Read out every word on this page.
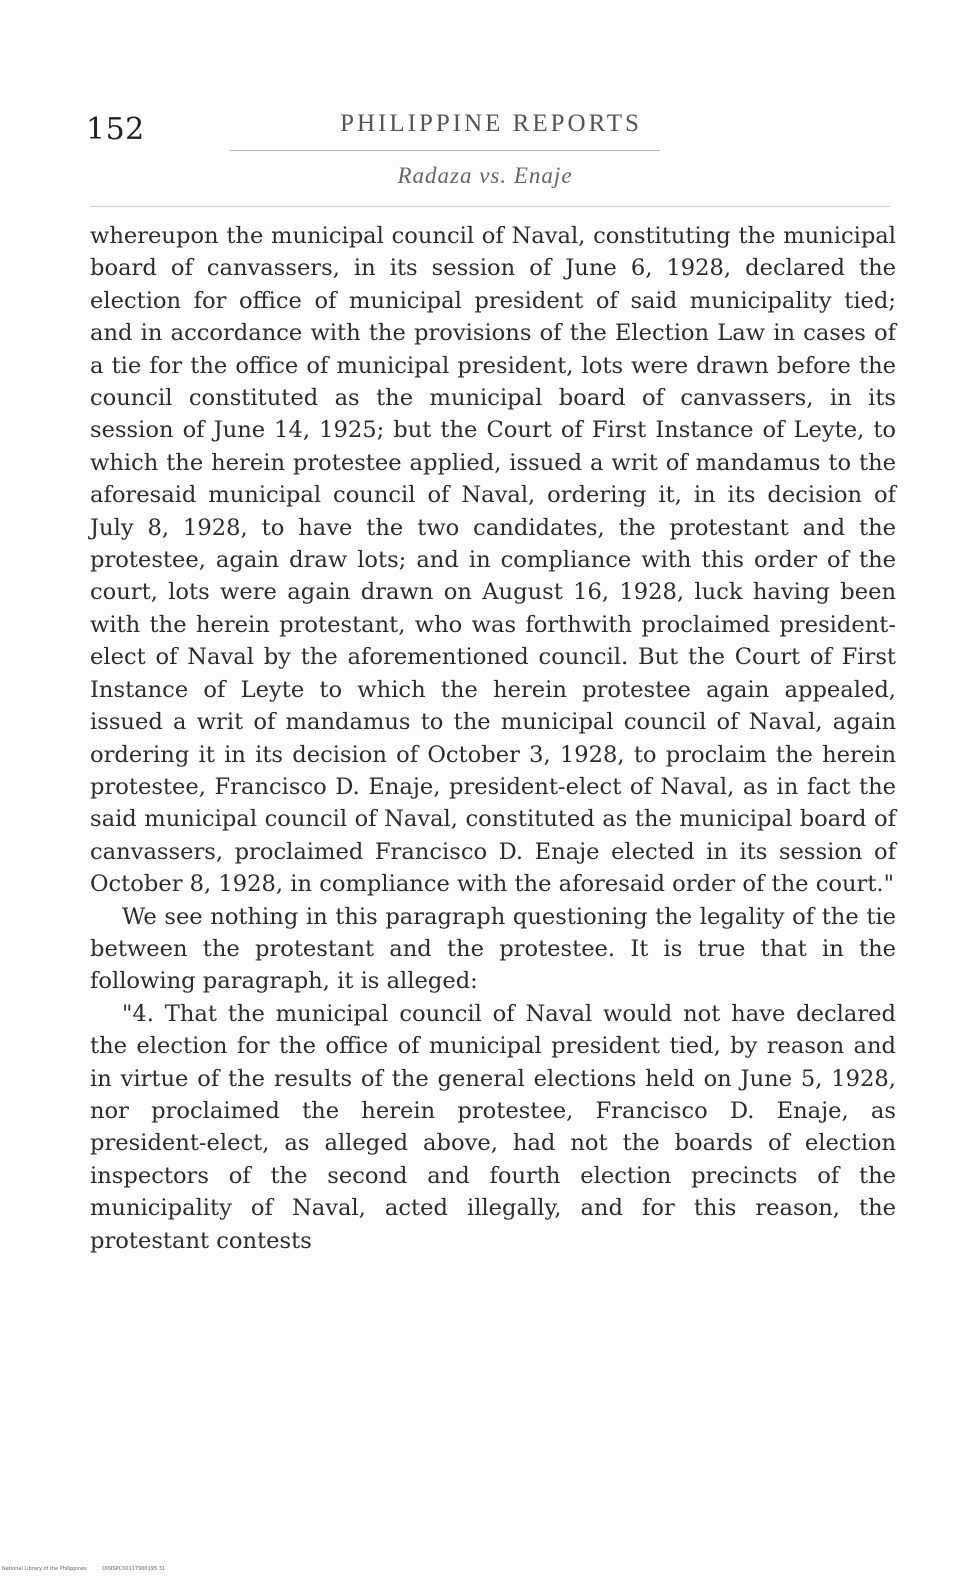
152	PHILIPPINE REPORTS
Radaza vs. Enaje

whereupon the municipal council of Naval, constituting the municipal board of canvassers, in its session of June 6, 1928, declared the election for office of municipal president of said municipality tied; and in accordance with the provisions of the Election Law in cases of a tie for the office of municipal president, lots were drawn before the council constituted as the municipal board of canvassers, in its session of June 14, 1925; but the Court of First Instance of Leyte, to which the herein protestee applied, issued a writ of mandamus to the aforesaid municipal council of Naval, ordering it, in its decision of July 8, 1928, to have the two candidates, the protestant and the protestee, again draw lots; and in compliance with this order of the court, lots were again drawn on August 16, 1928, luck having been with the herein protestant, who was forthwith proclaimed president-elect of Naval by the aforementioned council. But the Court of First Instance of Leyte to which the herein protestee again appealed, issued a writ of mandamus to the municipal council of Naval, again ordering it in its decision of October 3, 1928, to proclaim the herein protestee, Francisco D. Enaje, president-elect of Naval, as in fact the said municipal council of Naval, constituted as the municipal board of canvassers, proclaimed Francisco D. Enaje elected in its session of October 8, 1928, in compliance with the aforesaid order of the court."

We see nothing in this paragraph questioning the legality of the tie between the protestant and the protestee. It is true that in the following paragraph, it is alleged:

"4. That the municipal council of Naval would not have declared the election for the office of municipal president tied, by reason and in virtue of the results of the general elections held on June 5, 1928, nor proclaimed the herein protestee, Francisco D. Enaje, as president-elect, as alleged above, had not the boards of election inspectors of the second and fourth election precincts of the municipality of Naval, acted illegally, and for this reason, the protestant contests

National Library of the Philippines	D09SPC00117900195 31
